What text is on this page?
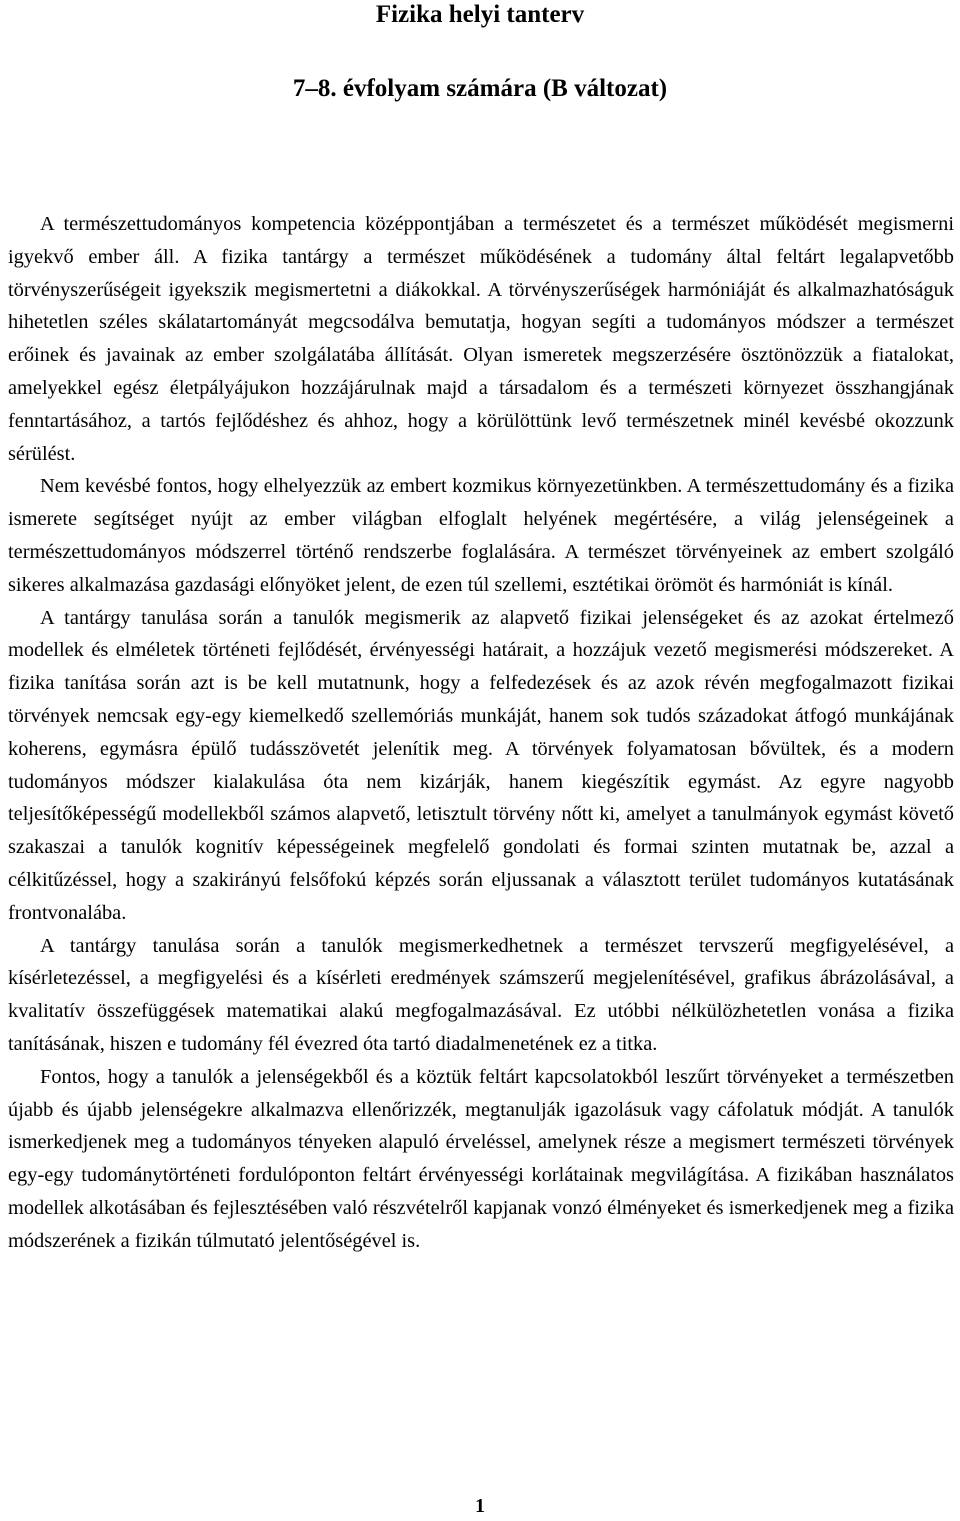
Fizika helyi tanterv
7–8. évfolyam számára (B változat)

A természettudományos kompetencia középpontjában a természetet és a természet működését megismerni igyekvő ember áll. A fizika tantárgy a természet működésének a tudomány által feltárt legalapvetőbb törvényszerűségeit igyekszik megismertetni a diákokkal. A törvényszerűségek harmóniáját és alkalmazhatóságuk hihetetlen széles skálatartományát megcsodálva bemutatja, hogyan segíti a tudományos módszer a természet erőinek és javainak az ember szolgálatába állítását. Olyan ismeretek megszerzésére ösztönözzük a fiatalokat, amelyekkel egész életpályájukon hozzájárulnak majd a társadalom és a természeti környezet összhangjának fenntartásához, a tartós fejlődéshez és ahhoz, hogy a körülöttünk levő természetnek minél kevésbé okozzunk sérülést.

Nem kevésbé fontos, hogy elhelyezzük az embert kozmikus környezetünkben. A természettudomány és a fizika ismerete segítséget nyújt az ember világban elfoglalt helyének megértésére, a világ jelenségeinek a természettudományos módszerrel történő rendszerbe foglalására. A természet törvényeinek az embert szolgáló sikeres alkalmazása gazdasági előnyöket jelent, de ezen túl szellemi, esztétikai örömöt és harmóniát is kínál.

A tantárgy tanulása során a tanulók megismerik az alapvető fizikai jelenségeket és az azokat értelmező modellek és elméletek történeti fejlődését, érvényességi határait, a hozzájuk vezető megismerési módszereket. A fizika tanítása során azt is be kell mutatnunk, hogy a felfedezések és az azok révén megfogalmazott fizikai törvények nemcsak egy-egy kiemelkedő szellemóriás munkáját, hanem sok tudós századokat átfogó munkájának koherens, egymásra épülő tudásszövetét jelenítik meg. A törvények folyamatosan bővültek, és a modern tudományos módszer kialakulása óta nem kizárják, hanem kiegészítik egymást. Az egyre nagyobb teljesítőképességű modellekből számos alapvető, letisztult törvény nőtt ki, amelyet a tanulmányok egymást követő szakaszai a tanulók kognitív képességeinek megfelelő gondolati és formai szinten mutatnak be, azzal a célkitűzéssel, hogy a szakirányú felsőfokú képzés során eljussanak a választott terület tudományos kutatásának frontvonalába.

A tantárgy tanulása során a tanulók megismerkedhetnek a természet tervszerű megfigyelésével, a kísérletezéssel, a megfigyelési és a kísérleti eredmények számszerű megjelenítésével, grafikus ábrázolásával, a kvalitatív összefüggések matematikai alakú megfogalmazásával. Ez utóbbi nélkülözhetetlen vonása a fizika tanításának, hiszen e tudomány fél évezred óta tartó diadalmenetének ez a titka.

Fontos, hogy a tanulók a jelenségekből és a köztük feltárt kapcsolatokból leszűrt törvényeket a természetben újabb és újabb jelenségekre alkalmazva ellenőrizzék, megtanulják igazolásuk vagy cáfolatuk módját. A tanulók ismerkedjenek meg a tudományos tényeken alapuló érveléssel, amelynek része a megismert természeti törvények egy-egy tudománytörténeti fordulóponton feltárt érvényességi korlátainak megvilágítása. A fizikában használatos modellek alkotásában és fejlesztésében való részvételről kapjanak vonzó élményeket és ismerkedjenek meg a fizika módszerének a fizikán túlmutató jelentőségével is.

1
